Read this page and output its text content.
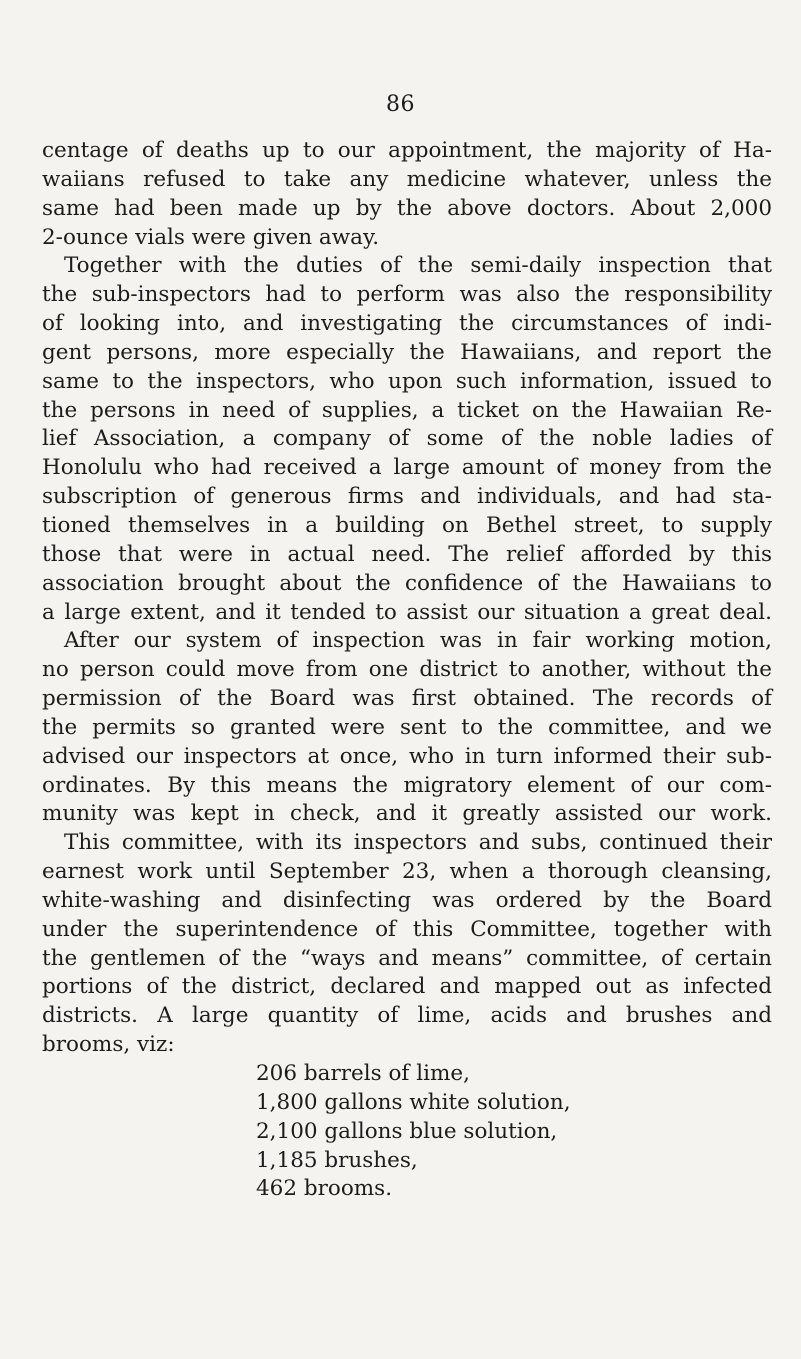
86
centage of deaths up to our appointment, the majority of Ha-
waiians refused to take any medicine whatever, unless the
same had been made up by the above doctors. About 2,000
2-ounce vials were given away.
Together with the duties of the semi-daily inspection that
the sub-inspectors had to perform was also the responsibility
of looking into, and investigating the circumstances of indi-
gent persons, more especially the Hawaiians, and report the
same to the inspectors, who upon such information, issued to
the persons in need of supplies, a ticket on the Hawaiian Re-
lief Association, a company of some of the noble ladies of
Honolulu who had received a large amount of money from the
subscription of generous firms and individuals, and had sta-
tioned themselves in a building on Bethel street, to supply
those that were in actual need. The relief afforded by this
association brought about the confidence of the Hawaiians to
a large extent, and it tended to assist our situation a great deal.
After our system of inspection was in fair working motion,
no person could move from one district to another, without the
permission of the Board was first obtained. The records of
the permits so granted were sent to the committee, and we
advised our inspectors at once, who in turn informed their sub-
ordinates. By this means the migratory element of our com-
munity was kept in check, and it greatly assisted our work.
This committee, with its inspectors and subs, continued their
earnest work until September 23, when a thorough cleansing,
white-washing and disinfecting was ordered by the Board
under the superintendence of this Committee, together with
the gentlemen of the “ways and means” committee, of certain
portions of the district, declared and mapped out as infected
districts. A large quantity of lime, acids and brushes and
brooms, viz:
206 barrels of lime,
1,800 gallons white solution,
2,100 gallons blue solution,
1,185 brushes,
462 brooms.
